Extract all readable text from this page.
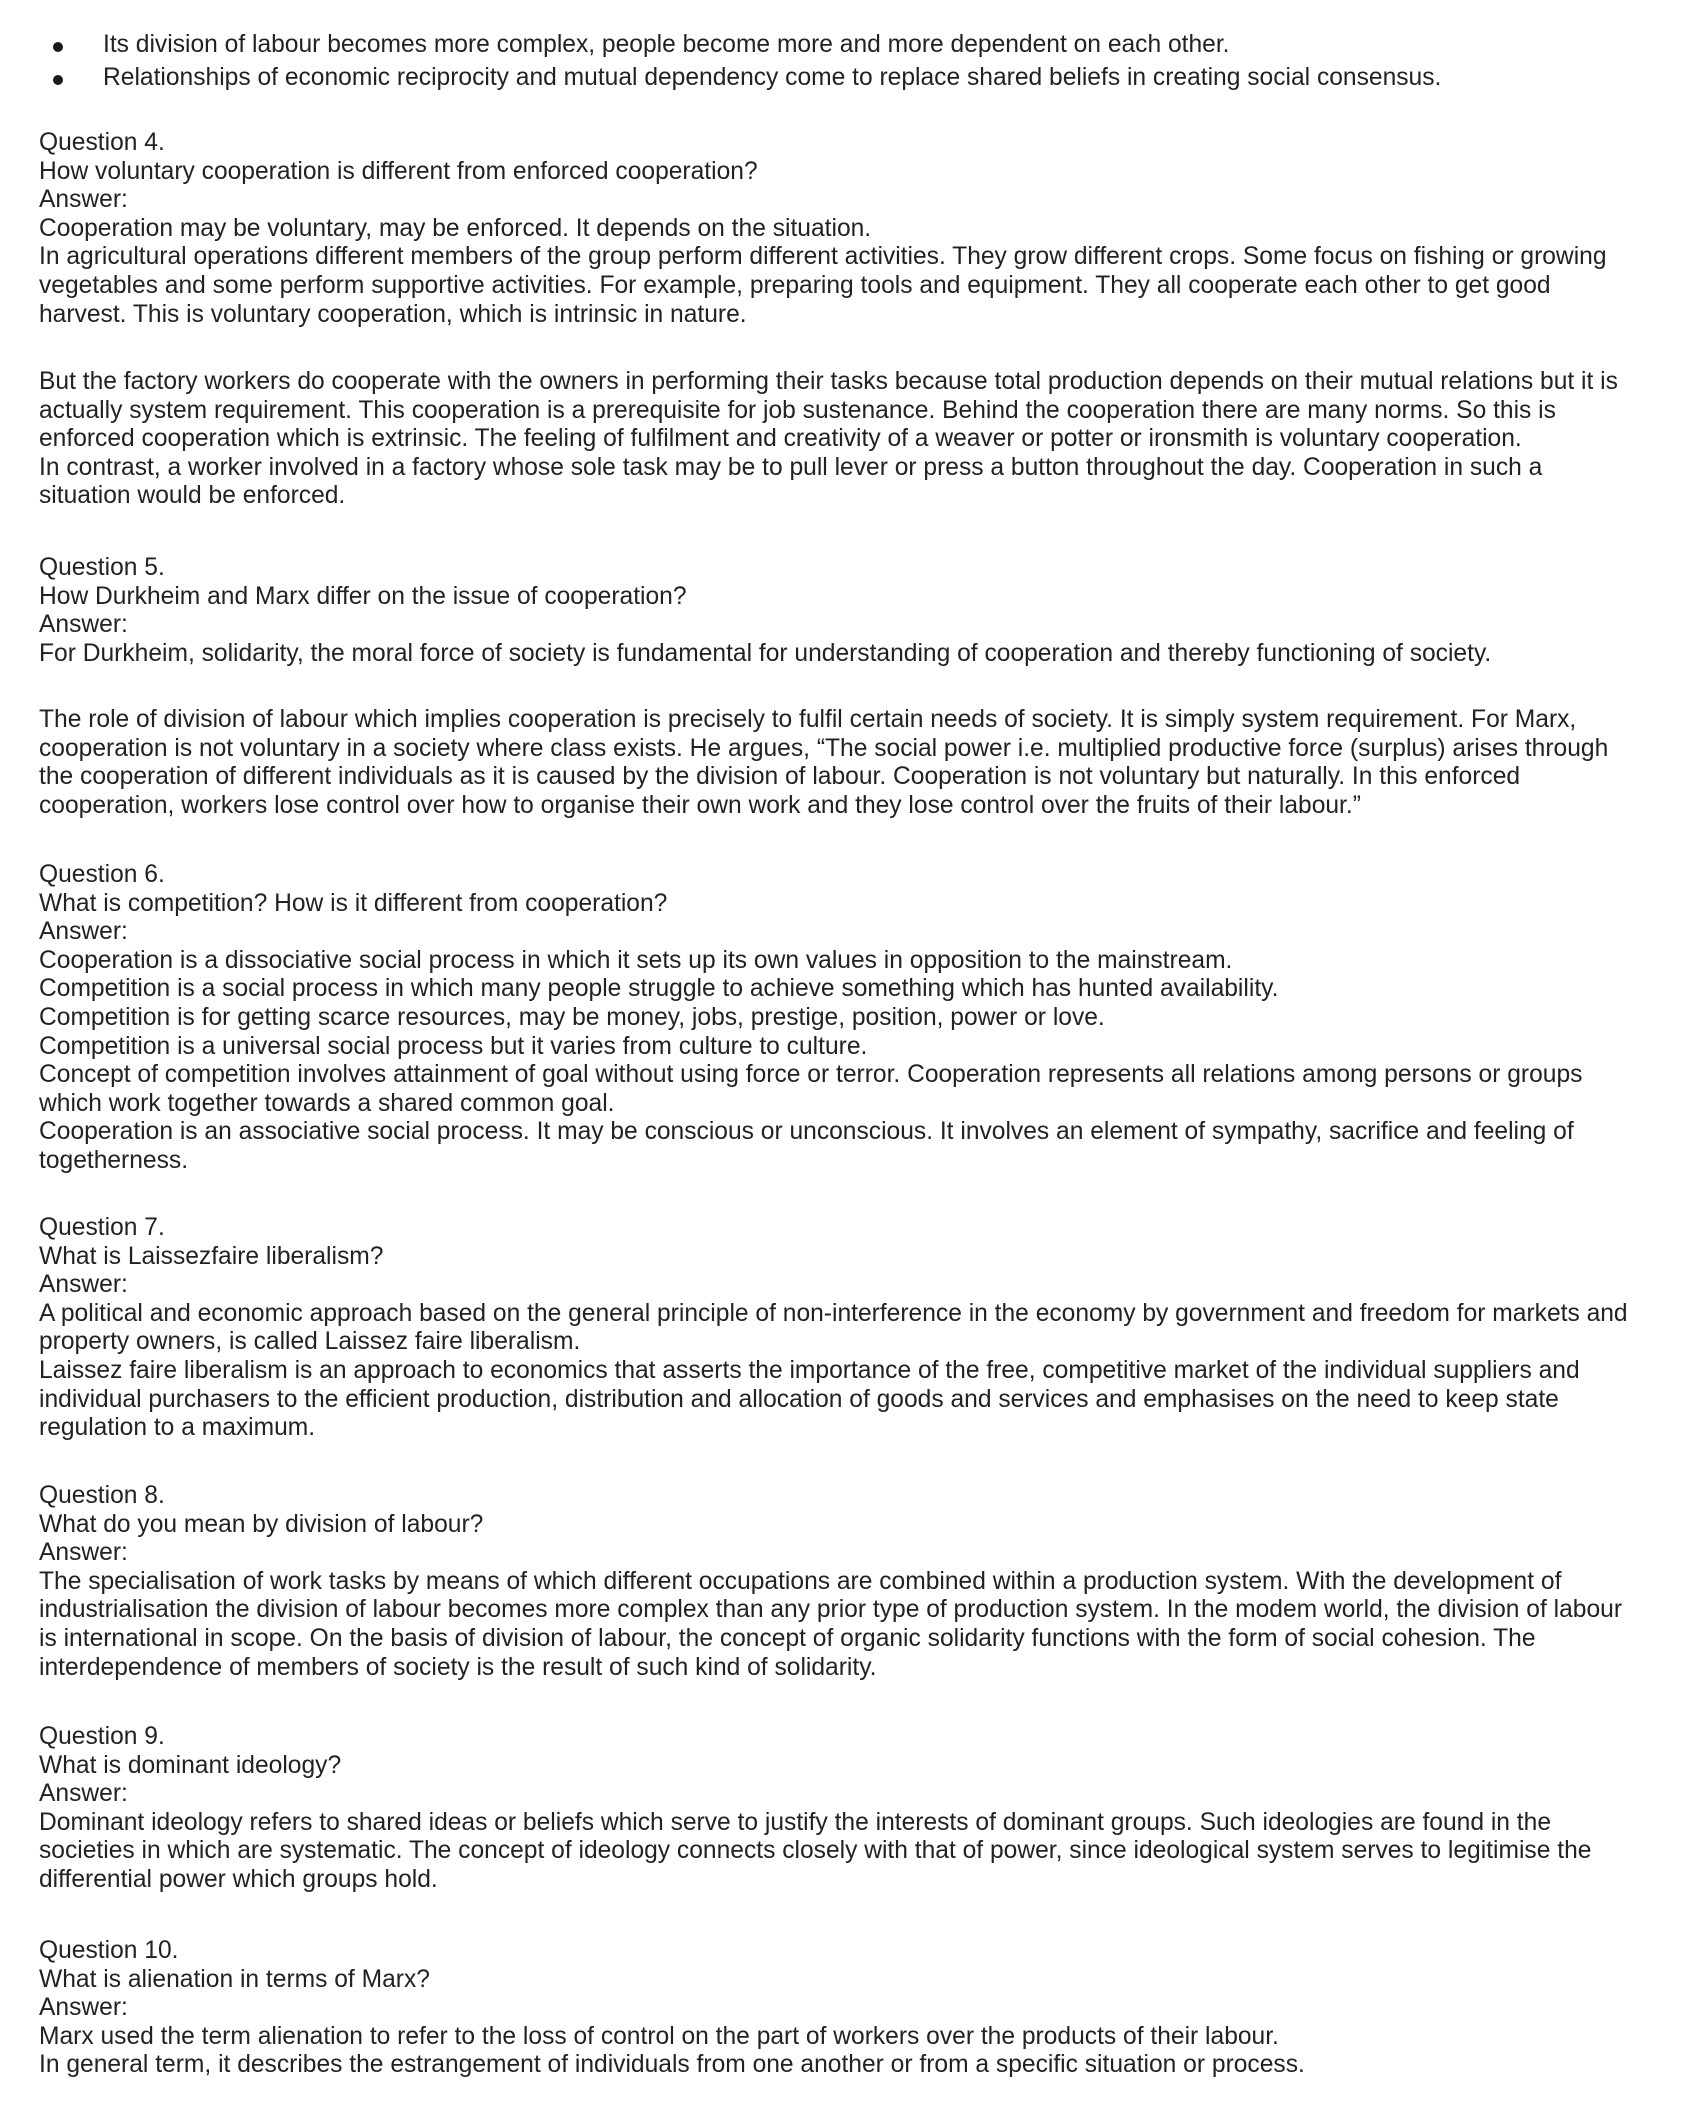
Its division of labour becomes more complex, people become more and more dependent on each other.
Relationships of economic reciprocity and mutual dependency come to replace shared beliefs in creating social consensus.
Question 4.
How voluntary cooperation is different from enforced cooperation?
Answer:
Cooperation may be voluntary, may be enforced. It depends on the situation.
In agricultural operations different members of the group perform different activities. They grow different crops. Some focus on fishing or growing
vegetables and some perform supportive activities. For example, preparing tools and equipment. They all cooperate each other to get good
harvest. This is voluntary cooperation, which is intrinsic in nature.
But the factory workers do cooperate with the owners in performing their tasks because total production depends on their mutual relations but it is
actually system requirement. This cooperation is a prerequisite for job sustenance. Behind the cooperation there are many norms. So this is
enforced cooperation which is extrinsic. The feeling of fulfilment and creativity of a weaver or potter or ironsmith is voluntary cooperation.
In contrast, a worker involved in a factory whose sole task may be to pull lever or press a button throughout the day. Cooperation in such a
situation would be enforced.
Question 5.
How Durkheim and Marx differ on the issue of cooperation?
Answer:
For Durkheim, solidarity, the moral force of society is fundamental for understanding of cooperation and thereby functioning of society.
The role of division of labour which implies cooperation is precisely to fulfil certain needs of society. It is simply system requirement. For Marx,
cooperation is not voluntary in a society where class exists. He argues, “The social power i.e. multiplied productive force (surplus) arises through
the cooperation of different individuals as it is caused by the division of labour. Cooperation is not voluntary but naturally. In this enforced
cooperation, workers lose control over how to organise their own work and they lose control over the fruits of their labour.”
Question 6.
What is competition? How is it different from cooperation?
Answer:
Cooperation is a dissociative social process in which it sets up its own values in opposition to the mainstream.
Competition is a social process in which many people struggle to achieve something which has hunted availability.
Competition is for getting scarce resources, may be money, jobs, prestige, position, power or love.
Competition is a universal social process but it varies from culture to culture.
Concept of competition involves attainment of goal without using force or terror. Cooperation represents all relations among persons or groups
which work together towards a shared common goal.
Cooperation is an associative social process. It may be conscious or unconscious. It involves an element of sympathy, sacrifice and feeling of
togetherness.
Question 7.
What is Laissezfaire liberalism?
Answer:
A political and economic approach based on the general principle of non-interference in the economy by government and freedom for markets and
property owners, is called Laissez faire liberalism.
Laissez faire liberalism is an approach to economics that asserts the importance of the free, competitive market of the individual suppliers and
individual purchasers to the efficient production, distribution and allocation of goods and services and emphasises on the need to keep state
regulation to a maximum.
Question 8.
What do you mean by division of labour?
Answer:
The specialisation of work tasks by means of which different occupations are combined within a production system. With the development of
industrialisation the division of labour becomes more complex than any prior type of production system. In the modem world, the division of labour
is international in scope. On the basis of division of labour, the concept of organic solidarity functions with the form of social cohesion. The
interdependence of members of society is the result of such kind of solidarity.
Question 9.
What is dominant ideology?
Answer:
Dominant ideology refers to shared ideas or beliefs which serve to justify the interests of dominant groups. Such ideologies are found in the
societies in which are systematic. The concept of ideology connects closely with that of power, since ideological system serves to legitimise the
differential power which groups hold.
Question 10.
What is alienation in terms of Marx?
Answer:
Marx used the term alienation to refer to the loss of control on the part of workers over the products of their labour.
In general term, it describes the estrangement of individuals from one another or from a specific situation or process.
